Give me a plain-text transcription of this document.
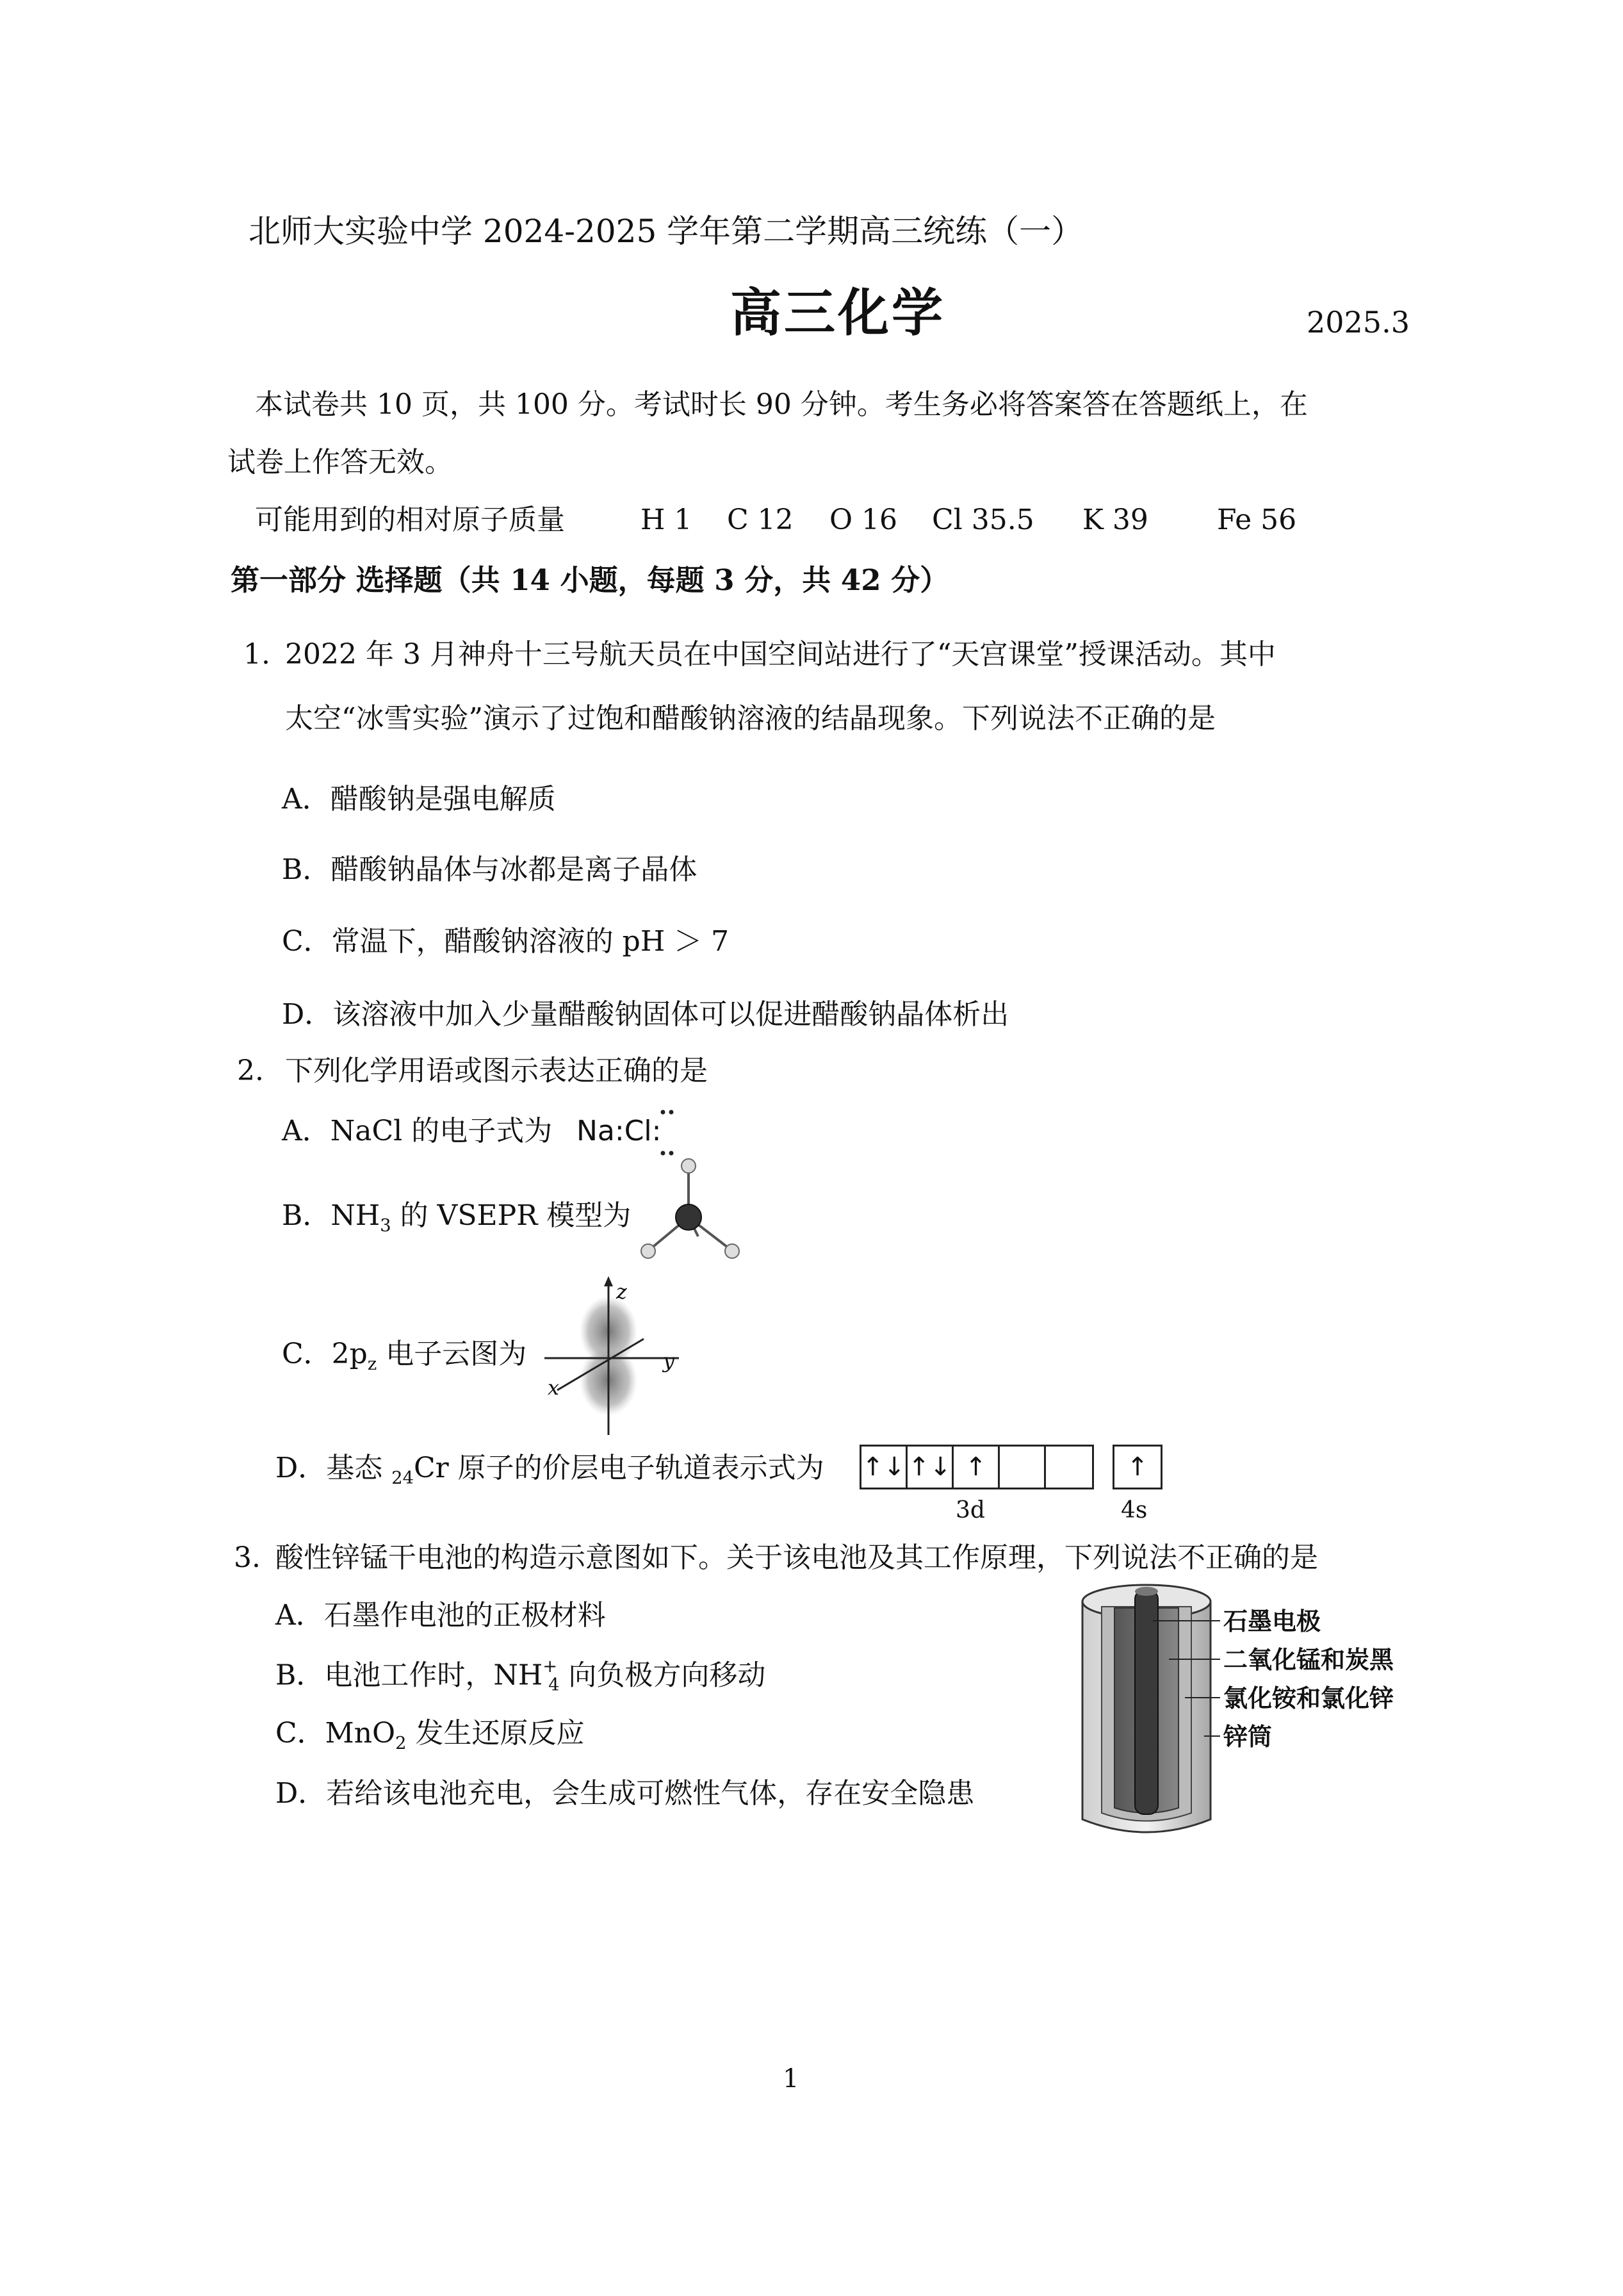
北师大实验中学 2024-2025 学年第二学期高三统练（一）
高三化学	2025.3
本试卷共 10 页，共 100 分。考试时长 90 分钟。考生务必将答案答在答题纸上，在
试卷上作答无效。
可能用到的相对原子质量	H 1 C 12 O 16 Cl 35.5 K 39 Fe 56
第一部分 选择题（共 14 小题，每题 3 分，共 42 分）
1. 2022 年 3 月神舟十三号航天员在中国空间站进行了“天宫课堂”授课活动。其中
太空“冰雪实验”演示了过饱和醋酸钠溶液的结晶现象。下列说法不正确的是
A．醋酸钠是强电解质
B．醋酸钠晶体与冰都是离子晶体
C．常温下，醋酸钠溶液的 pH ＞ 7
D．该溶液中加入少量醋酸钠固体可以促进醋酸钠晶体析出
2. 下列化学用语或图示表达正确的是
A．NaCl 的电子式为 Na:Cl:
B．$NH_3$ 的 VSEPR 模型为
C．$2p_z$ 电子云图为
z
y
x
D．基态 $_{24}$Cr 原子的价层电子轨道表示式为 ↑↓ ↑↓ ↑	↑
3d	4s
3. 酸性锌锰干电池的构造示意图如下。关于该电池及其工作原理，下列说法不正确的是
A．石墨作电池的正极材料
B．电池工作时，$NH^+_4$ 向负极方向移动
C．MnO$_2$ 发生还原反应
D．若给该电池充电，会生成可燃性气体，存在安全隐患
石墨电极
二氧化锰和炭黑
氯化铵和氯化锌
锌筒
1
